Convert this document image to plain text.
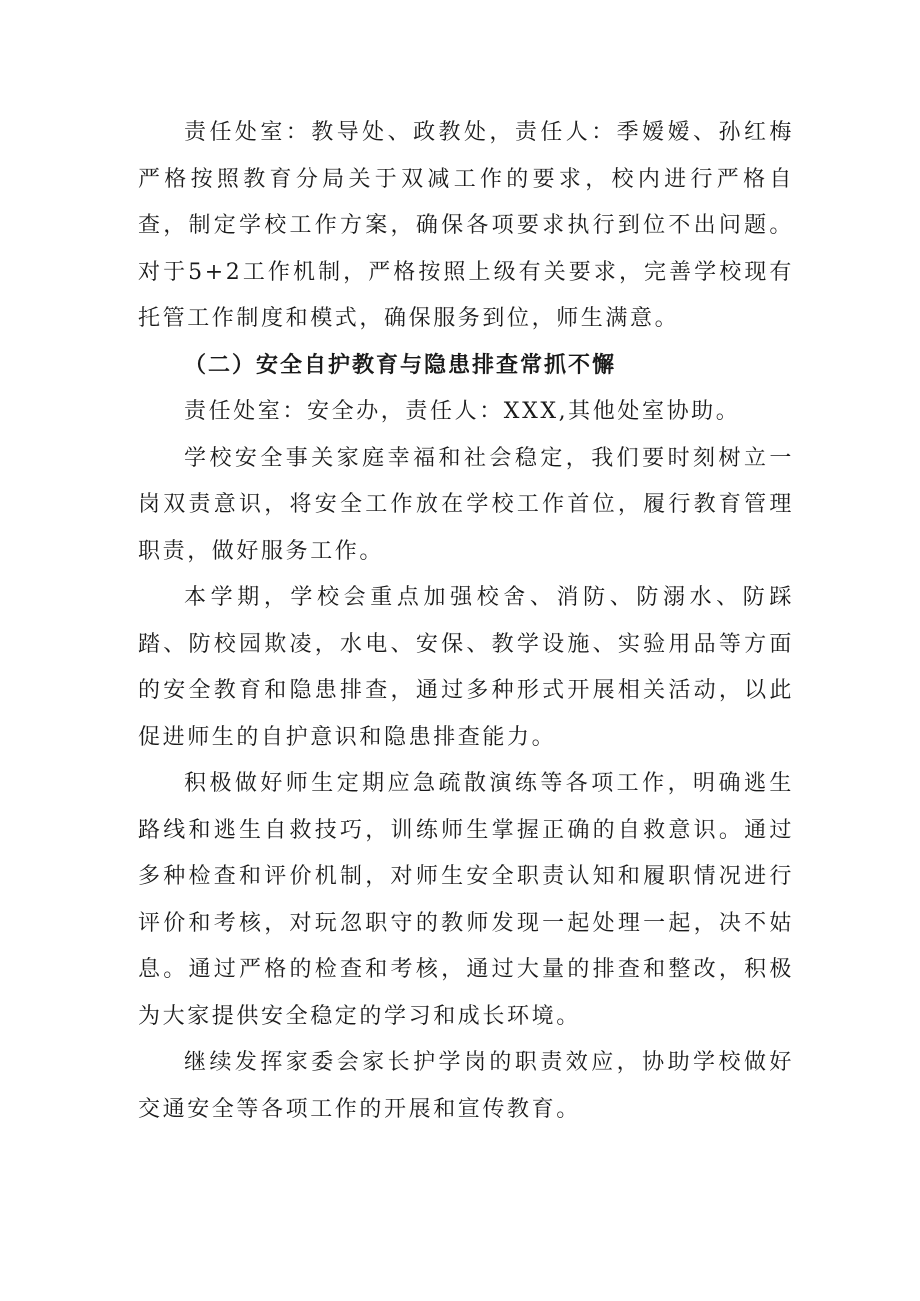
责任处室：教导处、政教处，责任人：季嫒嫒、孙红梅严格按照教育分局关于双减工作的要求，校内进行严格自查，制定学校工作方案，确保各项要求执行到位不出问题。对于5+2工作机制，严格按照上级有关要求，完善学校现有托管工作制度和模式，确保服务到位，师生满意。

（二）安全自护教育与隐患排查常抓不懈

责任处室：安全办，责任人：XXX,其他处室协助。

学校安全事关家庭幸福和社会稳定，我们要时刻树立一岗双责意识，将安全工作放在学校工作首位，履行教育管理职责，做好服务工作。

本学期，学校会重点加强校舍、消防、防溺水、防踩踏、防校园欺凌，水电、安保、教学设施、实验用品等方面的安全教育和隐患排查，通过多种形式开展相关活动，以此促进师生的自护意识和隐患排查能力。

积极做好师生定期应急疏散演练等各项工作，明确逃生路线和逃生自救技巧，训练师生掌握正确的自救意识。通过多种检查和评价机制，对师生安全职责认知和履职情况进行评价和考核，对玩忽职守的教师发现一起处理一起，决不姑息。通过严格的检查和考核，通过大量的排查和整改，积极为大家提供安全稳定的学习和成长环境。

继续发挥家委会家长护学岗的职责效应，协助学校做好交通安全等各项工作的开展和宣传教育。
